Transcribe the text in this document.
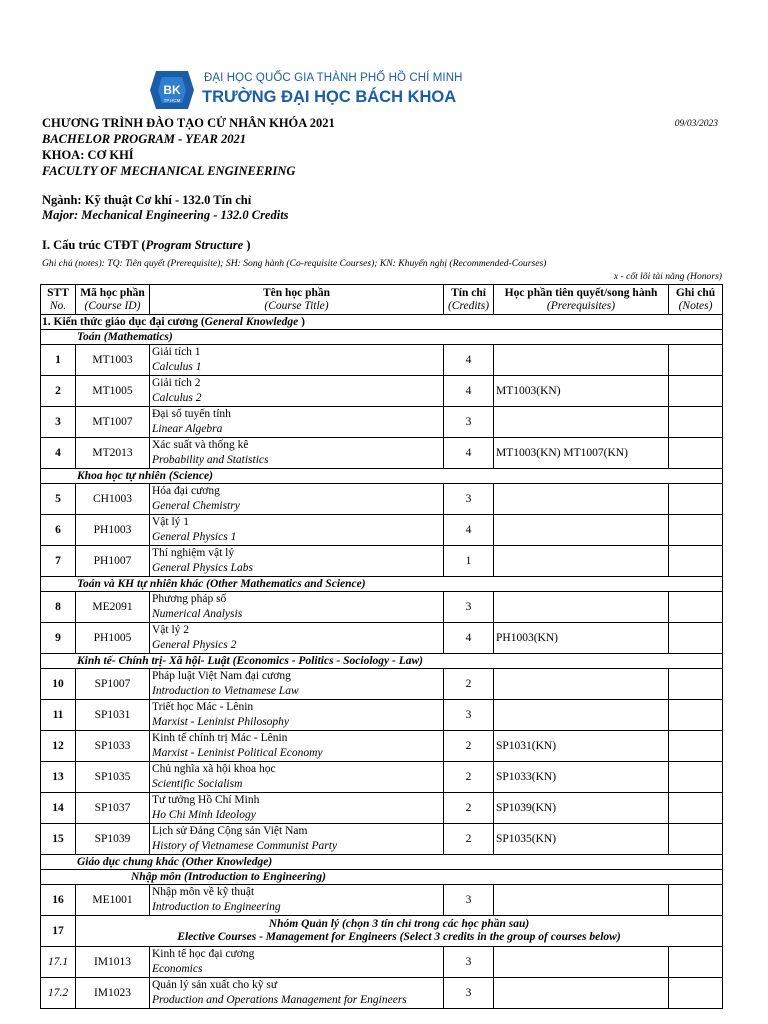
BK
TP.HCM
ĐẠI HỌC QUỐC GIA THÀNH PHỐ HỒ CHÍ MINH
TRƯỜNG ĐẠI HỌC BÁCH KHOA
CHƯƠNG TRÌNH ĐÀO TẠO CỬ NHÂN KHÓA 2021	09/03/2023
BACHELOR PROGRAM - YEAR 2021
KHOA: CƠ KHÍ
FACULTY OF MECHANICAL ENGINEERING
Ngành: Kỹ thuật Cơ khí - 132.0 Tín chỉ
Major: Mechanical Engineering - 132.0 Credits
I. Cấu trúc CTĐT (Program Structure )
Ghi chú (notes): TQ: Tiên quyết (Prerequisite); SH: Song hành (Co-requisite Courses); KN: Khuyến nghị (Recommended-Courses)
x - cốt lõi tài năng (Honors)
STT
No.	Mã học phần
(Course ID)	Tên học phần
(Course Title)	Tín chỉ
(Credits)	Học phần tiên quyết/song hành
(Prerequisites)	Ghi chú
(Notes)

1. Kiến thức giáo dục đại cương (General Knowledge )					
Toán (Mathematics)					
1	MT1003	Giải tích 1
Calculus 1	4		
2	MT1005	Giải tích 2
Calculus 2	4	MT1003(KN)	
3	MT1007	Đại số tuyến tính
Linear Algebra	3		
4	MT2013	Xác suất và thống kê
Probability and Statistics	4	MT1003(KN) MT1007(KN)	
Khoa học tự nhiên (Science)					
5	CH1003	Hóa đại cương
General Chemistry	3		
6	PH1003	Vật lý 1
General Physics 1	4		
7	PH1007	Thí nghiệm vật lý
General Physics Labs	1		
Toán và KH tự nhiên khác (Other Mathematics and Science)					
8	ME2091	Phương pháp số
Numerical Analysis	3		
9	PH1005	Vật lý 2
General Physics 2	4	PH1003(KN)	
Kinh tế- Chính trị- Xã hội- Luật (Economics - Politics - Sociology - Law)					
10	SP1007	Pháp luật Việt Nam đại cương
Introduction to Vietnamese Law	2		
11	SP1031	Triết học Mác - Lênin
Marxist - Leninist Philosophy	3		
12	SP1033	Kinh tế chính trị Mác - Lênin
Marxist - Leninist Political Economy	2	SP1031(KN)	
13	SP1035	Chủ nghĩa xã hội khoa học
Scientific Socialism	2	SP1033(KN)	
14	SP1037	Tư tưởng Hồ Chí Minh
Ho Chi Minh Ideology	2	SP1039(KN)	
15	SP1039	Lịch sử Đảng Cộng sản Việt Nam
History of Vietnamese Communist Party	2	SP1035(KN)	
Giáo dục chung khác (Other Knowledge)					
Nhập môn (Introduction to Engineering)					
16	ME1001	Nhập môn về kỹ thuật
Introduction to Engineering	3		
17	Nhóm Quản lý (chọn 3 tín chỉ trong các học phần sau)
Elective Courses - Management for Engineers (Select 3 credits in the group of courses below)				

17.1	IM1013	Kinh tế học đại cương
Economics	3		
17.2	IM1023	Quản lý sản xuất cho kỹ sư
Production and Operations Management for Engineers	3		
